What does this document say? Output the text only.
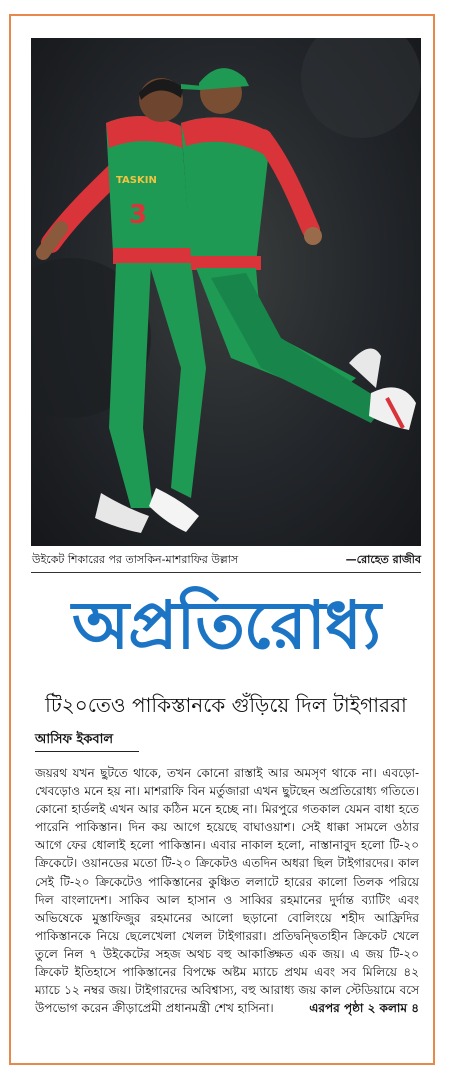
TASKIN
3
উইকেট শিকারের পর তাসকিন-মাশরাফির উল্লাস	—রোহেত রাজীব
অপ্রতিরোধ্য
টি২০তেও পাকিস্তানকে গুঁড়িয়ে দিল টাইগাররা
আসিফ ইকবাল
জয়রথ যখন ছুটতে থাকে, তখন কোনো রাস্তাই আর অমসৃণ থাকে না। এবড়ো-খেবড়োও মনে হয় না। মাশরাফি বিন মর্তুজারা এখন ছুটছেন অপ্রতিরোধ্য গতিতে। কোনো হার্ডলই এখন আর কঠিন মনে হচ্ছে না। মিরপুরে গতকাল যেমন বাধা হতে পারেনি পাকিস্তান। দিন কয় আগে হয়েছে বাঘাওয়াশ। সেই ধাক্কা সামলে ওঠার আগে ফের ধোলাই হলো পাকিস্তান। এবার নাকাল হলো, নাস্তানাবুদ হলো টি-২০ ক্রিকেটে। ওয়ানডের মতো টি-২০ ক্রিকেটও এতদিন অধরা ছিল টাইগারদের। কাল সেই টি-২০ ক্রিকেটেও পাকিস্তানের কুঞ্চিত ললাটে হারের কালো তিলক পরিয়ে দিল বাংলাদেশ। সাকিব আল হাসান ও সাব্বির রহমানের দুর্দান্ত ব্যাটিং এবং অভিষেকে মুস্তাফিজুর রহমানের আলো ছড়ানো বোলিংয়ে শহীদ আফ্রিদির পাকিস্তানকে নিয়ে ছেলেখেলা খেলল টাইগাররা। প্রতিদ্বন্দ্বিতাহীন ক্রিকেট খেলে তুলে নিল ৭ উইকেটের সহজ অথচ বহু আকাঙ্ক্ষিত এক জয়। এ জয় টি-২০ ক্রিকেট ইতিহাসে পাকিস্তানের বিপক্ষে অষ্টম ম্যাচে প্রথম এবং সব মিলিয়ে ৪২ ম্যাচে ১২ নম্বর জয়। টাইগারদের অবিশ্বাস্য, বহু আরাধ্য জয় কাল স্টেডিয়ামে বসে উপভোগ করেন ক্রীড়াপ্রেমী প্রধানমন্ত্রী শেখ হাসিনা।	এরপর পৃষ্ঠা ২ কলাম ৪
